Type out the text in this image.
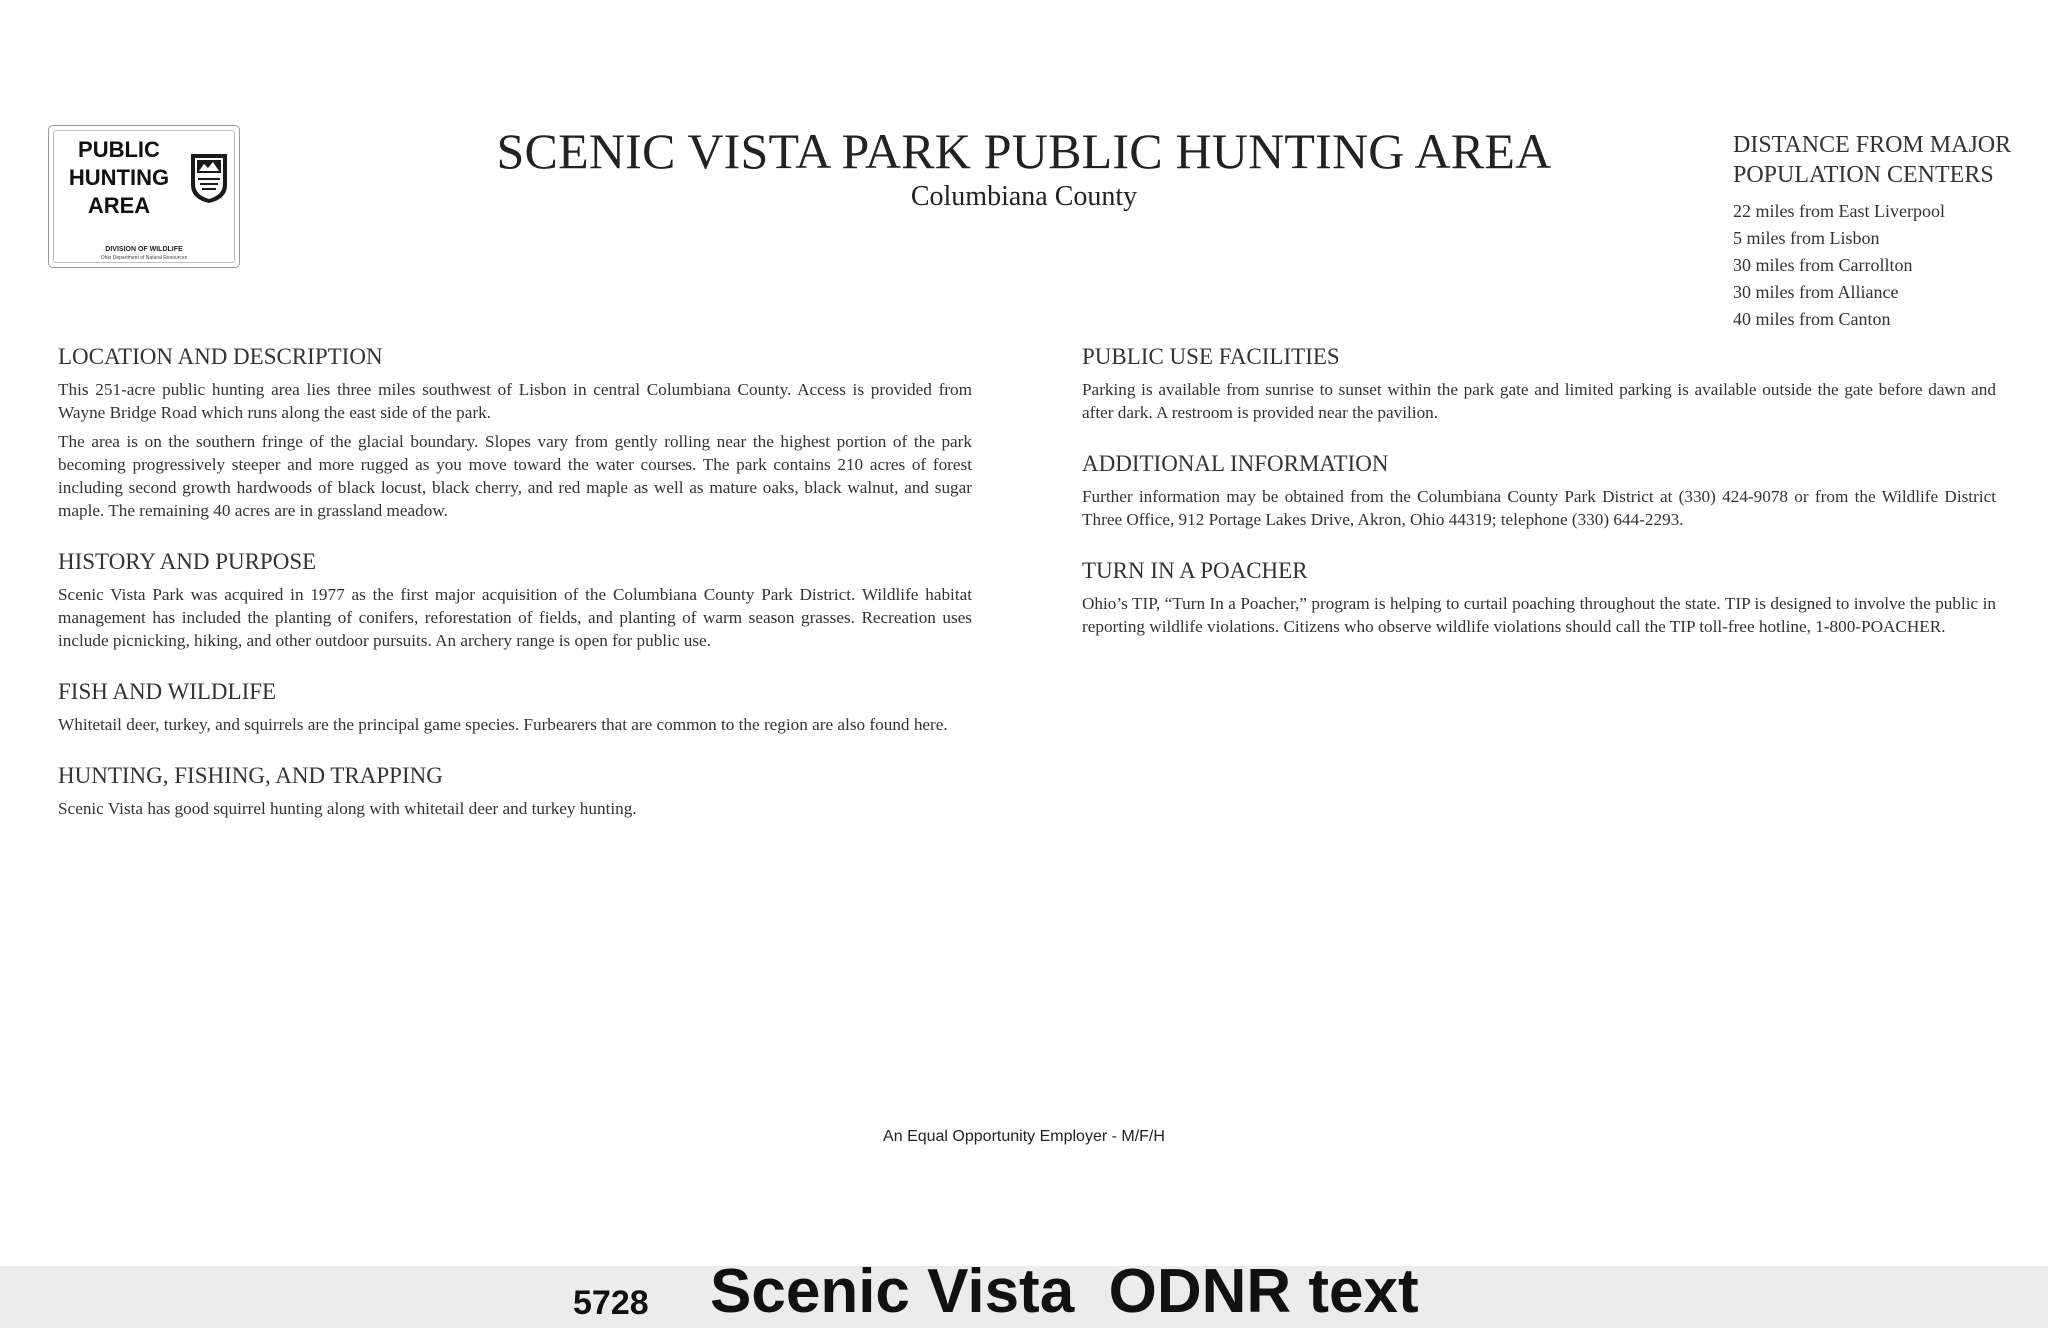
PUBLIC
HUNTING
AREA
DIVISION OF WILDLIFE
Ohio Department of Natural Resources
SCENIC VISTA PARK PUBLIC HUNTING AREA
Columbiana County
DISTANCE FROM MAJOR
POPULATION CENTERS
22 miles from East Liverpool
5 miles from Lisbon
30 miles from Carrollton
30 miles from Alliance
40 miles from Canton
LOCATION AND DESCRIPTION

This 251-acre public hunting area lies three miles southwest of Lisbon in central Columbiana County. Access is provided from Wayne Bridge Road which runs along the east side of the park.

The area is on the southern fringe of the glacial boundary. Slopes vary from gently rolling near the highest portion of the park becoming progressively steeper and more rugged as you move toward the water courses. The park contains 210 acres of forest including second growth hardwoods of black locust, black cherry, and red maple as well as mature oaks, black walnut, and sugar maple. The remaining 40 acres are in grassland meadow.

HISTORY AND PURPOSE

Scenic Vista Park was acquired in 1977 as the first major acquisition of the Columbiana County Park District. Wildlife habitat management has included the planting of conifers, reforestation of fields, and planting of warm season grasses. Recreation uses include picnicking, hiking, and other outdoor pursuits. An archery range is open for public use.

FISH AND WILDLIFE

Whitetail deer, turkey, and squirrels are the principal game species. Furbearers that are common to the region are also found here.

HUNTING, FISHING, AND TRAPPING

Scenic Vista has good squirrel hunting along with whitetail deer and turkey hunting.

PUBLIC USE FACILITIES

Parking is available from sunrise to sunset within the park gate and limited parking is available outside the gate before dawn and after dark. A restroom is provided near the pavilion.

ADDITIONAL INFORMATION

Further information may be obtained from the Columbiana County Park District at (330) 424-9078 or from the Wildlife District Three Office, 912 Portage Lakes Drive, Akron, Ohio 44319; telephone (330) 644-2293.

TURN IN A POACHER

Ohio’s TIP, “Turn In a Poacher,” program is helping to curtail poaching throughout the state. TIP is designed to involve the public in reporting wildlife violations. Citizens who observe wildlife violations should call the TIP toll-free hotline, 1-800-POACHER.

An Equal Opportunity Employer - M/F/H
5728 Scenic Vista  ODNR text
